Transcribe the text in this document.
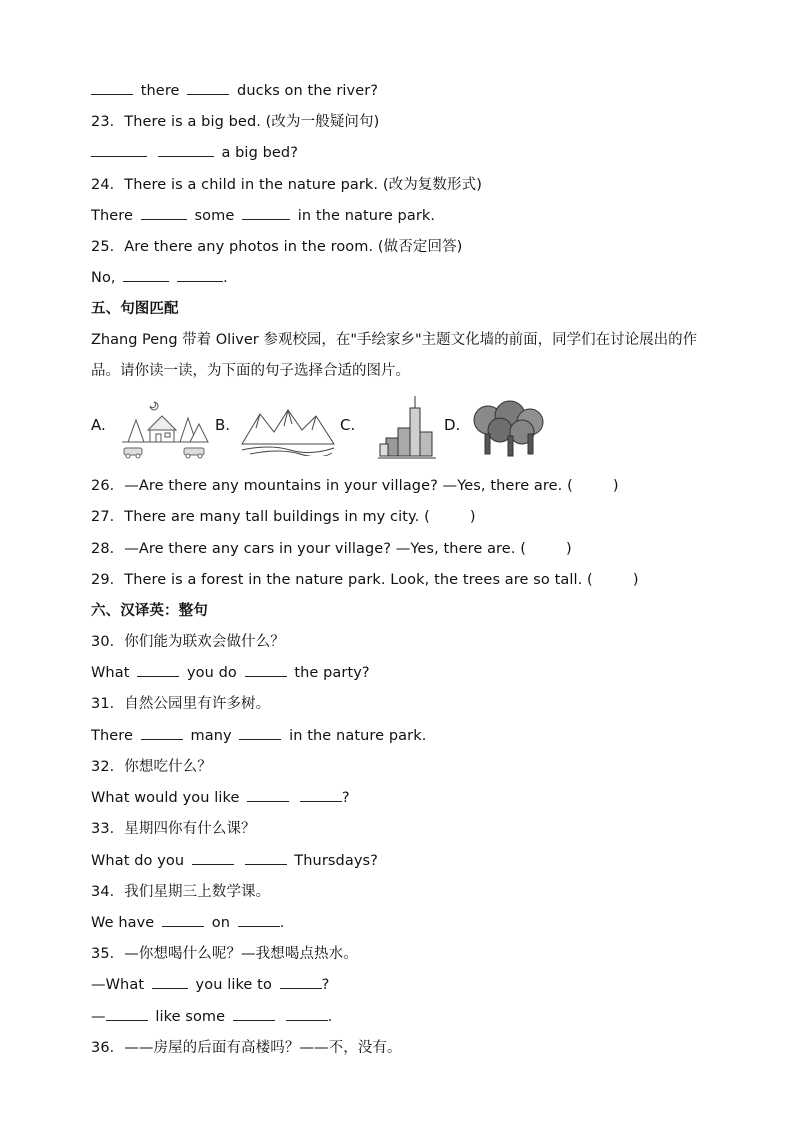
there	ducks on the river?
23．There is a big bed. (改为一般疑问句)
a big bed?
24．There is a child in the nature park. (改为复数形式)
There	some	in the nature park.
25．Are there any photos in the room. (做否定回答)
No,	.
五、句图匹配
Zhang Peng 带着 Oliver 参观校园，在"手绘家乡"主题文化墙的前面，同学们在讨论展出的作品。请你读一读，为下面的句子选择合适的图片。
A.	B.	C.	D.
26．—Are there any mountains in your village? —Yes, there are. (	)
27．There are many tall buildings in my city. (	)
28．—Are there any cars in your village? —Yes, there are. (	)
29．There is a forest in the nature park. Look, the trees are so tall. (	)
六、汉译英：整句
30．你们能为联欢会做什么？
What	you do	the party?
31．自然公园里有许多树。
There	many	in the nature park.
32．你想吃什么？
What would you like	?
33．星期四你有什么课？
What do you	Thursdays?
34．我们星期三上数学课。
We have	on	.
35．—你想喝什么呢？—我想喝点热水。
—What	you like to	?
—	like some	.
36．——房屋的后面有高楼吗？——不，没有。
